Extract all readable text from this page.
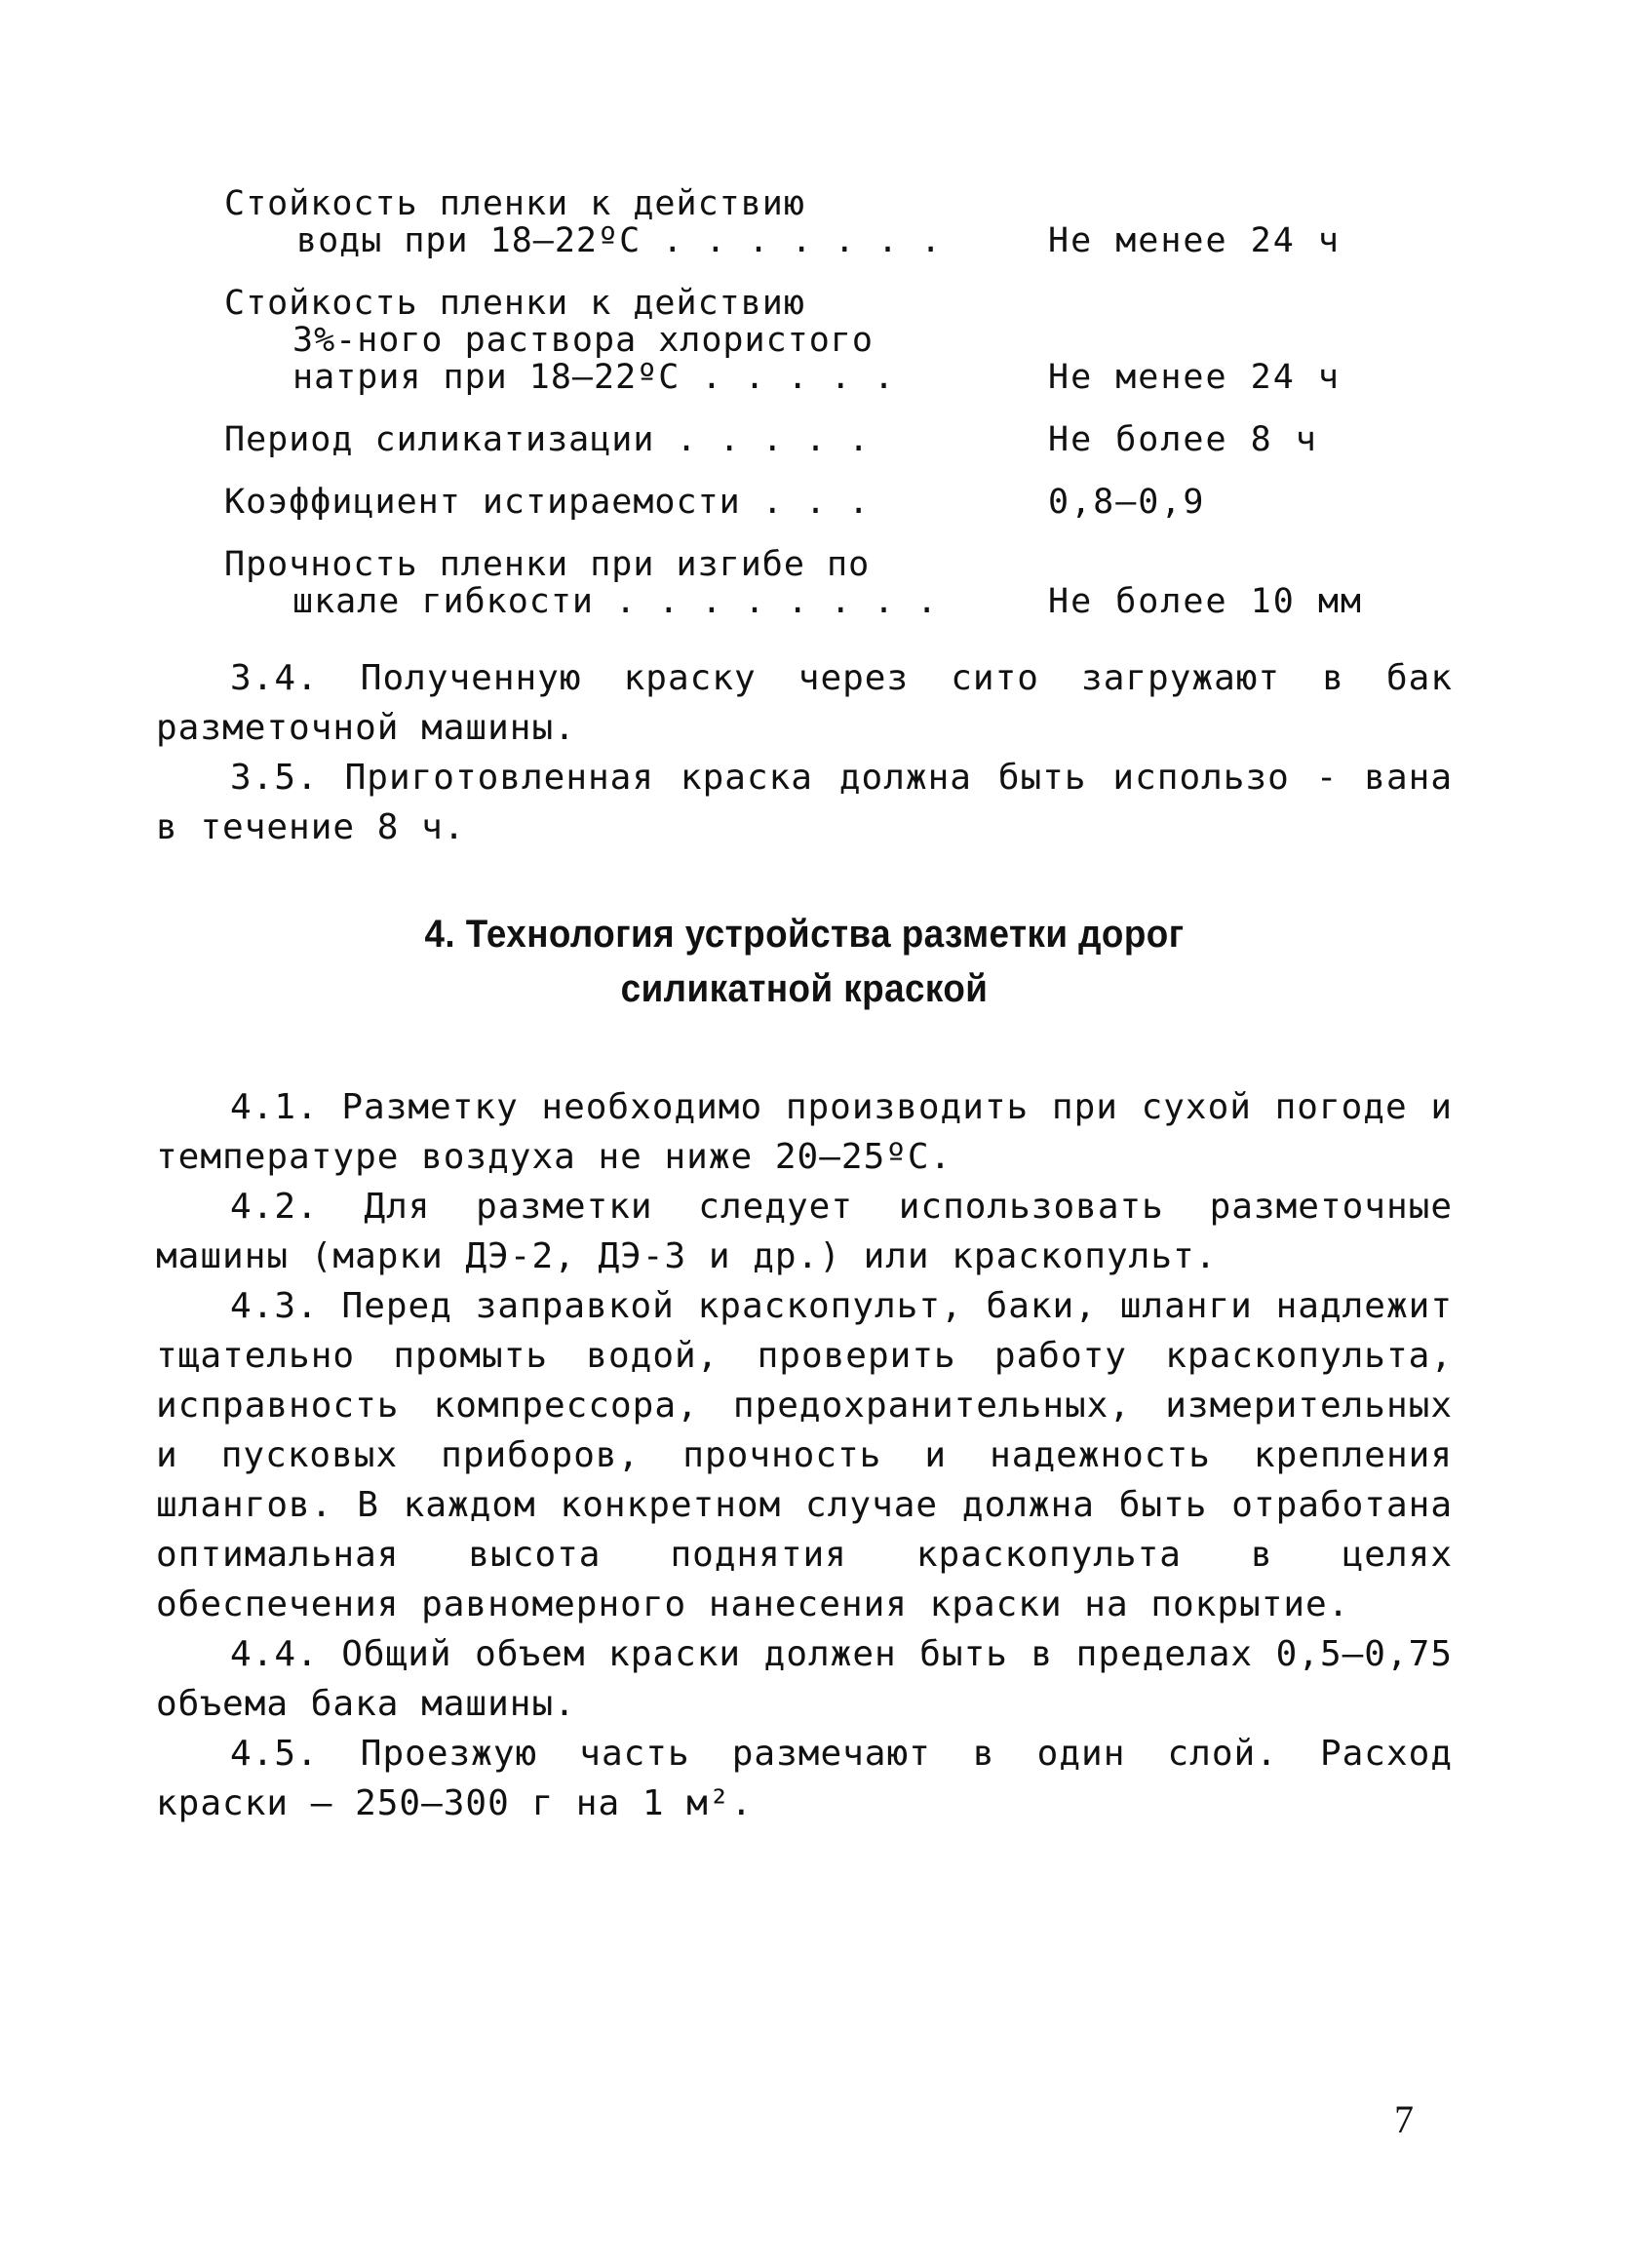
Стойкость пленки к действию
воды при 18–22ºС . . . . . . .	Не менее 24 ч
Стойкость пленки к действию
3%-ного раствора хлористого
натрия при 18–22ºС . . . . .	Не менее 24 ч
Период силикатизации . . . . .	Не более 8 ч
Коэффициент истираемости . . .	0,8–0,9
Прочность пленки при изгибе по
шкале гибкости . . . . . . . .	Не более 10 мм

3.4. Полученную краску через сито загружают в бак разметочной машины.

3.5. Приготовленная краска должна быть использо - вана в течение 8 ч.

4. Технология устройства разметки дорог
силикатной краской

4.1. Разметку необходимо производить при сухой погоде и температуре воздуха не ниже 20–25ºС.

4.2. Для разметки следует использовать разметочные машины (марки ДЭ-2, ДЭ-3 и др.) или краскопульт.

4.3. Перед заправкой краскопульт, баки, шланги надлежит тщательно промыть водой, проверить работу краскопульта, исправность компрессора, предохранительных, измерительных и пусковых приборов, прочность и надежность крепления шлангов. В каждом конкретном случае должна быть отработана оптимальная высота поднятия краскопульта в целях обеспечения равномерного нанесения краски на покрытие.

4.4. Общий объем краски должен быть в пределах 0,5–0,75 объема бака машины.

4.5. Проезжую часть размечают в один слой. Расход краски – 250–300 г на 1 м².

7
